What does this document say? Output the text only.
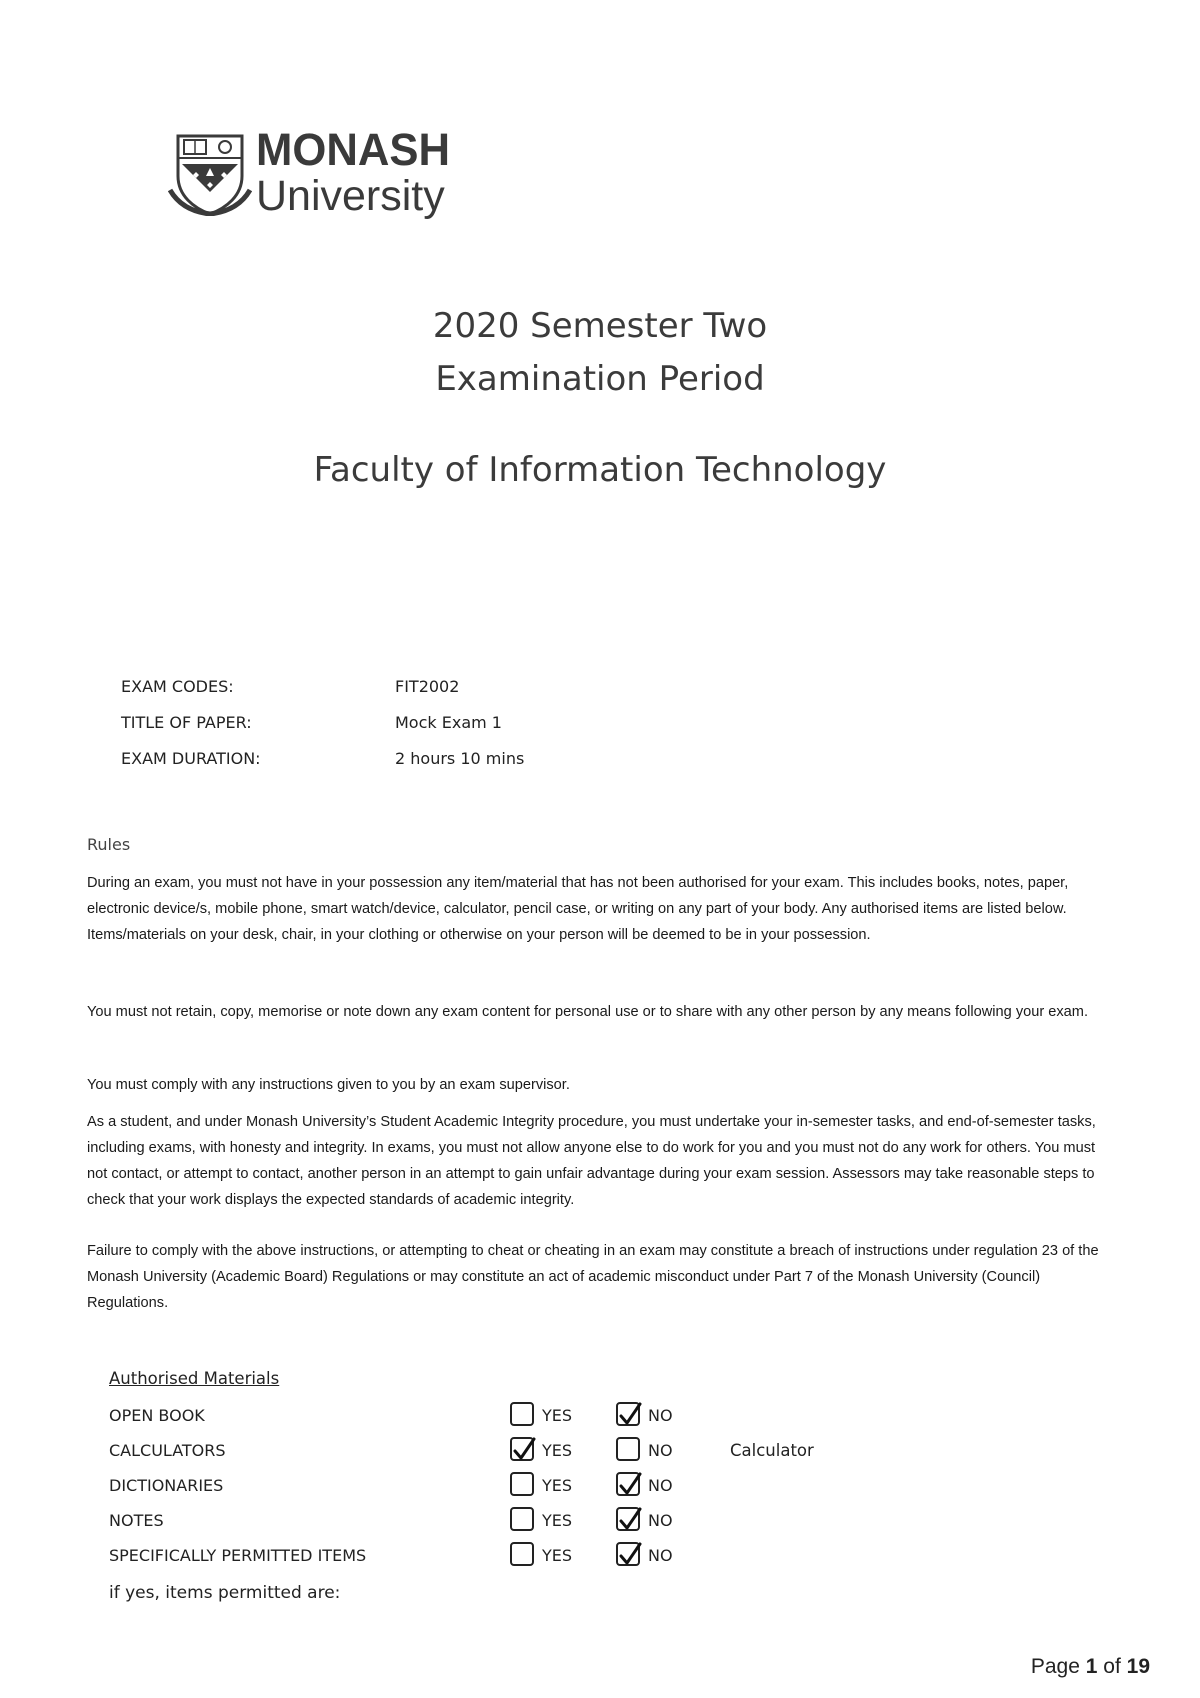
MONASH
University
2020 Semester Two
Examination Period
Faculty of Information Technology
EXAM CODES:	FIT2002
TITLE OF PAPER:	Mock Exam 1
EXAM DURATION:	2 hours 10 mins
Rules
During an exam, you must not have in your possession any item/material that has not been authorised for your exam. This includes books, notes, paper, electronic device/s, mobile phone, smart watch/device, calculator, pencil case, or writing on any part of your body. Any authorised items are listed below. Items/materials on your desk, chair, in your clothing or otherwise on your person will be deemed to be in your possession.
You must not retain, copy, memorise or note down any exam content for personal use or to share with any other person by any means following your exam.
You must comply with any instructions given to you by an exam supervisor.
As a student, and under Monash University’s Student Academic Integrity procedure, you must undertake your in-semester tasks, and end-of-semester tasks, including exams, with honesty and integrity. In exams, you must not allow anyone else to do work for you and you must not do any work for others. You must not contact, or attempt to contact, another person in an attempt to gain unfair advantage during your exam session. Assessors may take reasonable steps to check that your work displays the expected standards of academic integrity.
Failure to comply with the above instructions, or attempting to cheat or cheating in an exam may constitute a breach of instructions under regulation 23 of the Monash University (Academic Board) Regulations or may constitute an act of academic misconduct under Part 7 of the Monash University (Council) Regulations.
Authorised Materials
OPEN BOOK	YES	NO
CALCULATORS	YES	NO	Calculator
DICTIONARIES	YES	NO
NOTES	YES	NO
SPECIFICALLY PERMITTED ITEMS	YES	NO
if yes, items permitted are:
Page 1 of 19
